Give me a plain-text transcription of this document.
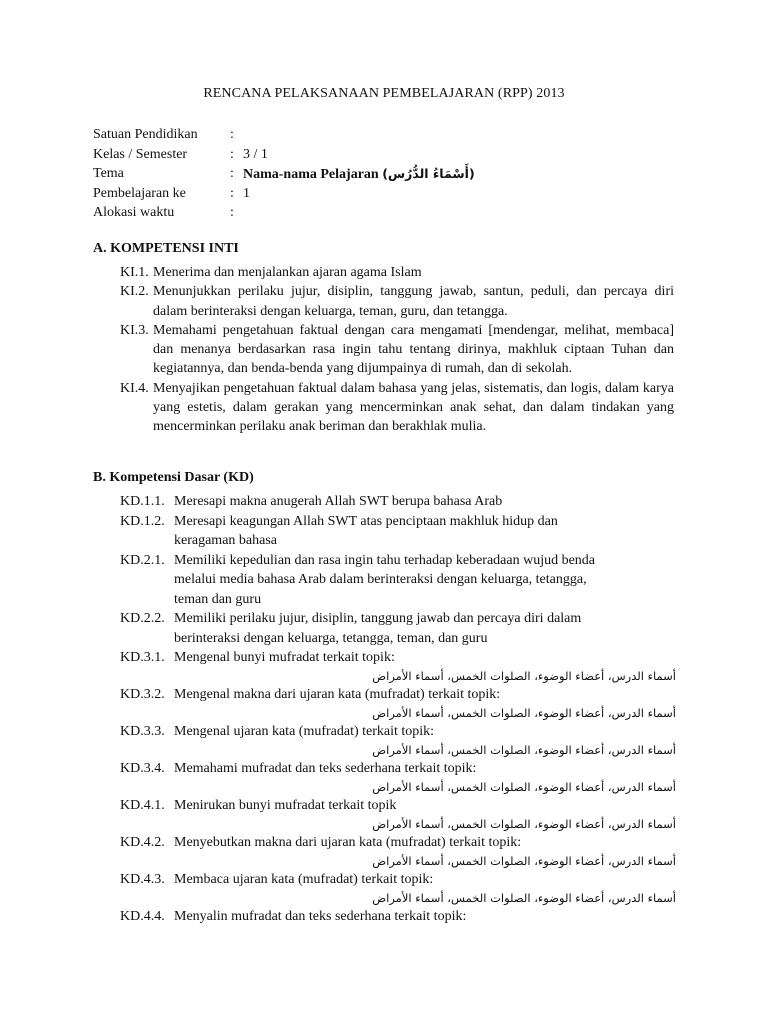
RENCANA PELAKSANAAN PEMBELAJARAN (RPP) 2013
Satuan Pendidikan	:
Kelas / Semester	: 3 / 1
Tema	: Nama-nama Pelajaran (أَسْمَاءُ الدُّرُس)
Pembelajaran ke	: 1
Alokasi waktu	:
A. KOMPETENSI INTI
KI.1. Menerima dan menjalankan ajaran agama Islam
KI.2. Menunjukkan perilaku jujur, disiplin, tanggung jawab, santun, peduli, dan percaya diri dalam berinteraksi dengan keluarga, teman, guru, dan tetangga.
KI.3. Memahami pengetahuan faktual dengan cara mengamati [mendengar, melihat, membaca] dan menanya berdasarkan rasa ingin tahu tentang dirinya, makhluk ciptaan Tuhan dan kegiatannya, dan benda-benda yang dijumpainya di rumah, dan di sekolah.
KI.4. Menyajikan pengetahuan faktual dalam bahasa yang jelas, sistematis, dan logis, dalam karya yang estetis, dalam gerakan yang mencerminkan anak sehat, dan dalam tindakan yang mencerminkan perilaku anak beriman dan berakhlak mulia.
B. Kompetensi Dasar (KD)
KD.1.1. Meresapi makna anugerah Allah SWT berupa bahasa Arab
KD.1.2. Meresapi keagungan Allah SWT atas penciptaan makhluk hidup dan keragaman bahasa
KD.2.1. Memiliki kepedulian dan rasa ingin tahu terhadap keberadaan wujud benda melalui media bahasa Arab dalam berinteraksi dengan keluarga, tetangga, teman dan guru
KD.2.2. Memiliki perilaku jujur, disiplin, tanggung jawab dan percaya diri dalam berinteraksi dengan keluarga, tetangga, teman, dan guru
KD.3.1. Mengenal bunyi mufradat terkait topik:
أسماء الدرس، أعضاء الوضوء، الصلوات الخمس، أسماء الأمراض
KD.3.2. Mengenal makna dari ujaran kata (mufradat) terkait topik:
أسماء الدرس، أعضاء الوضوء، الصلوات الخمس، أسماء الأمراض
KD.3.3. Mengenal ujaran kata (mufradat) terkait topik:
أسماء الدرس، أعضاء الوضوء، الصلوات الخمس، أسماء الأمراض
KD.3.4. Memahami mufradat dan teks sederhana terkait topik:
أسماء الدرس، أعضاء الوضوء، الصلوات الخمس، أسماء الأمراض
KD.4.1. Menirukan bunyi mufradat terkait topik
أسماء الدرس، أعضاء الوضوء، الصلوات الخمس، أسماء الأمراض
KD.4.2. Menyebutkan makna dari ujaran kata (mufradat) terkait topik:
أسماء الدرس، أعضاء الوضوء، الصلوات الخمس، أسماء الأمراض
KD.4.3. Membaca ujaran kata (mufradat) terkait topik:
أسماء الدرس، أعضاء الوضوء، الصلوات الخمس، أسماء الأمراض
KD.4.4. Menyalin mufradat dan teks sederhana terkait topik:
